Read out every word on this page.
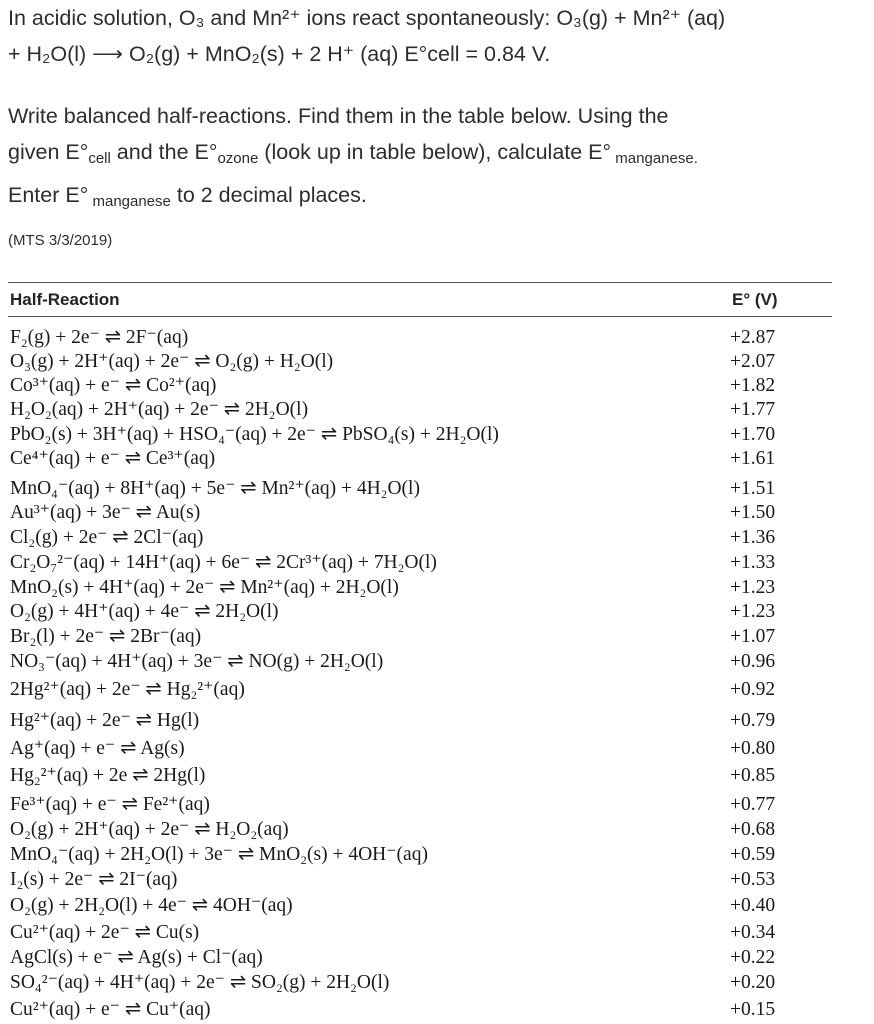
In acidic solution, O₃ and Mn²⁺ ions react spontaneously: O₃(g) + Mn²⁺ (aq)

+ H₂O(l) ⟶ O₂(g) + MnO₂(s) + 2 H⁺ (aq) E°cell = 0.84 V.

Write balanced half-reactions. Find them in the table below. Using the

given $E^\circ_{cell}$ and the $E^\circ_{ozone}$ (look up in table below), calculate E° $_{manganese.}$

Enter E° $_{manganese}$ to 2 decimal places.

(MTS 3/3/2019)
Half-Reaction	E° (V)
F₂(g) + 2e⁻ ⇌ 2F⁻(aq)	+2.87
O₃(g) + 2H⁺(aq) + 2e⁻ ⇌ O₂(g) + H₂O(l)	+2.07
Co³⁺(aq) + e⁻ ⇌ Co²⁺(aq)	+1.82
H₂O₂(aq) + 2H⁺(aq) + 2e⁻ ⇌ 2H₂O(l)	+1.77
PbO₂(s) + 3H⁺(aq) + HSO₄⁻(aq) + 2e⁻ ⇌ PbSO₄(s) + 2H₂O(l)	+1.70
Ce⁴⁺(aq) + e⁻ ⇌ Ce³⁺(aq)	+1.61
MnO₄⁻(aq) + 8H⁺(aq) + 5e⁻ ⇌ Mn²⁺(aq) + 4H₂O(l)	+1.51
Au³⁺(aq) + 3e⁻ ⇌ Au(s)	+1.50
Cl₂(g) + 2e⁻ ⇌ 2Cl⁻(aq)	+1.36
Cr₂O₇²⁻(aq) + 14H⁺(aq) + 6e⁻ ⇌ 2Cr³⁺(aq) + 7H₂O(l)	+1.33
MnO₂(s) + 4H⁺(aq) + 2e⁻ ⇌ Mn²⁺(aq) + 2H₂O(l)	+1.23
O₂(g) + 4H⁺(aq) + 4e⁻ ⇌ 2H₂O(l)	+1.23
Br₂(l) + 2e⁻ ⇌ 2Br⁻(aq)	+1.07
NO₃⁻(aq) + 4H⁺(aq) + 3e⁻ ⇌ NO(g) + 2H₂O(l)	+0.96
2Hg²⁺(aq) + 2e⁻ ⇌ Hg₂²⁺(aq)	+0.92
Hg²⁺(aq) + 2e⁻ ⇌ Hg(l)	+0.79
Ag⁺(aq) + e⁻ ⇌ Ag(s)	+0.80
Hg₂²⁺(aq) + 2e ⇌ 2Hg(l)	+0.85
Fe³⁺(aq) + e⁻ ⇌ Fe²⁺(aq)	+0.77
O₂(g) + 2H⁺(aq) + 2e⁻ ⇌ H₂O₂(aq)	+0.68
MnO₄⁻(aq) + 2H₂O(l) + 3e⁻ ⇌ MnO₂(s) + 4OH⁻(aq)	+0.59
I₂(s) + 2e⁻ ⇌ 2I⁻(aq)	+0.53
O₂(g) + 2H₂O(l) + 4e⁻ ⇌ 4OH⁻(aq)	+0.40
Cu²⁺(aq) + 2e⁻ ⇌ Cu(s)	+0.34
AgCl(s) + e⁻ ⇌ Ag(s) + Cl⁻(aq)	+0.22
SO₄²⁻(aq) + 4H⁺(aq) + 2e⁻ ⇌ SO₂(g) + 2H₂O(l)	+0.20
Cu²⁺(aq) + e⁻ ⇌ Cu⁺(aq)	+0.15
